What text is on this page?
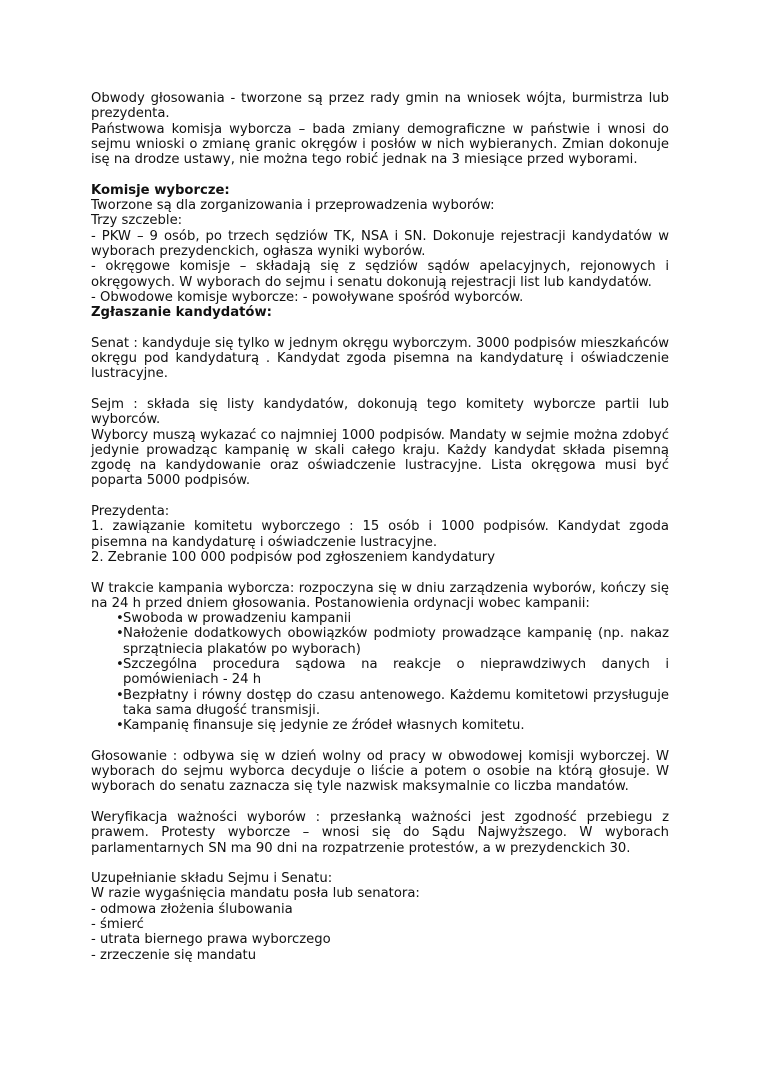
Obwody głosowania - tworzone są przez rady gmin na wniosek wójta, burmistrza lub prezydenta.

Państwowa komisja wyborcza – bada zmiany demograficzne w państwie i wnosi do sejmu wnioski o zmianę granic okręgów i posłów w nich wybieranych. Zmian dokonuje isę na drodze ustawy, nie można tego robić jednak na 3 miesiące przed wyborami.

Komisje wyborcze:

Tworzone są dla zorganizowania i przeprowadzenia wyborów:

Trzy szczeble:

- PKW – 9 osób, po trzech sędziów TK, NSA i SN. Dokonuje rejestracji kandydatów w wyborach prezydenckich, ogłasza wyniki wyborów.

- okręgowe komisje – składają się z sędziów sądów apelacyjnych, rejonowych i okręgowych. W wyborach do sejmu i senatu dokonują rejestracji list lub kandydatów.

- Obwodowe komisje wyborcze: - powoływane spośród wyborców.

Zgłaszanie kandydatów:

Senat : kandyduje się tylko w jednym okręgu wyborczym. 3000 podpisów mieszkańców okręgu pod kandydaturą . Kandydat zgoda pisemna na kandydaturę i oświadczenie lustracyjne.

Sejm : składa się listy kandydatów, dokonują tego komitety wyborcze partii lub wyborców.

Wyborcy muszą wykazać co najmniej 1000 podpisów. Mandaty w sejmie można zdobyć jedynie prowadząc kampanię w skali całego kraju. Każdy kandydat składa pisemną zgodę na kandydowanie oraz oświadczenie lustracyjne. Lista okręgowa musi być poparta 5000 podpisów.

Prezydenta:

1. zawiązanie komitetu wyborczego : 15 osób i 1000 podpisów. Kandydat zgoda pisemna na kandydaturę i oświadczenie lustracyjne.

2. Zebranie 100 000 podpisów pod zgłoszeniem kandydatury

W trakcie kampania wyborcza: rozpoczyna się w dniu zarządzenia wyborów, kończy się na 24 h przed dniem głosowania. Postanowienia ordynacji wobec kampanii:

• Swoboda w prowadzeniu kampanii
• Nałożenie dodatkowych obowiązków podmioty prowadzące kampanię (np. nakaz sprzątniecia plakatów po wyborach)
• Szczególna procedura sądowa na reakcje o nieprawdziwych danych i pomówieniach - 24 h
• Bezpłatny i równy dostęp do czasu antenowego. Każdemu komitetowi przysługuje taka sama długość transmisji.
• Kampanię finansuje się jedynie ze źródeł własnych komitetu.

Głosowanie : odbywa się w dzień wolny od pracy w obwodowej komisji wyborczej. W wyborach do sejmu wyborca decyduje o liście a potem o osobie na którą głosuje. W wyborach do senatu zaznacza się tyle nazwisk maksymalnie co liczba mandatów.

Weryfikacja ważności wyborów : przesłanką ważności jest zgodność przebiegu z prawem. Protesty wyborcze – wnosi się do Sądu Najwyższego. W wyborach parlamentarnych SN ma 90 dni na rozpatrzenie protestów, a w prezydenckich 30.

Uzupełnianie składu Sejmu i Senatu:

W razie wygaśnięcia mandatu posła lub senatora:

- odmowa złożenia ślubowania

- śmierć

- utrata biernego prawa wyborczego

- zrzeczenie się mandatu
